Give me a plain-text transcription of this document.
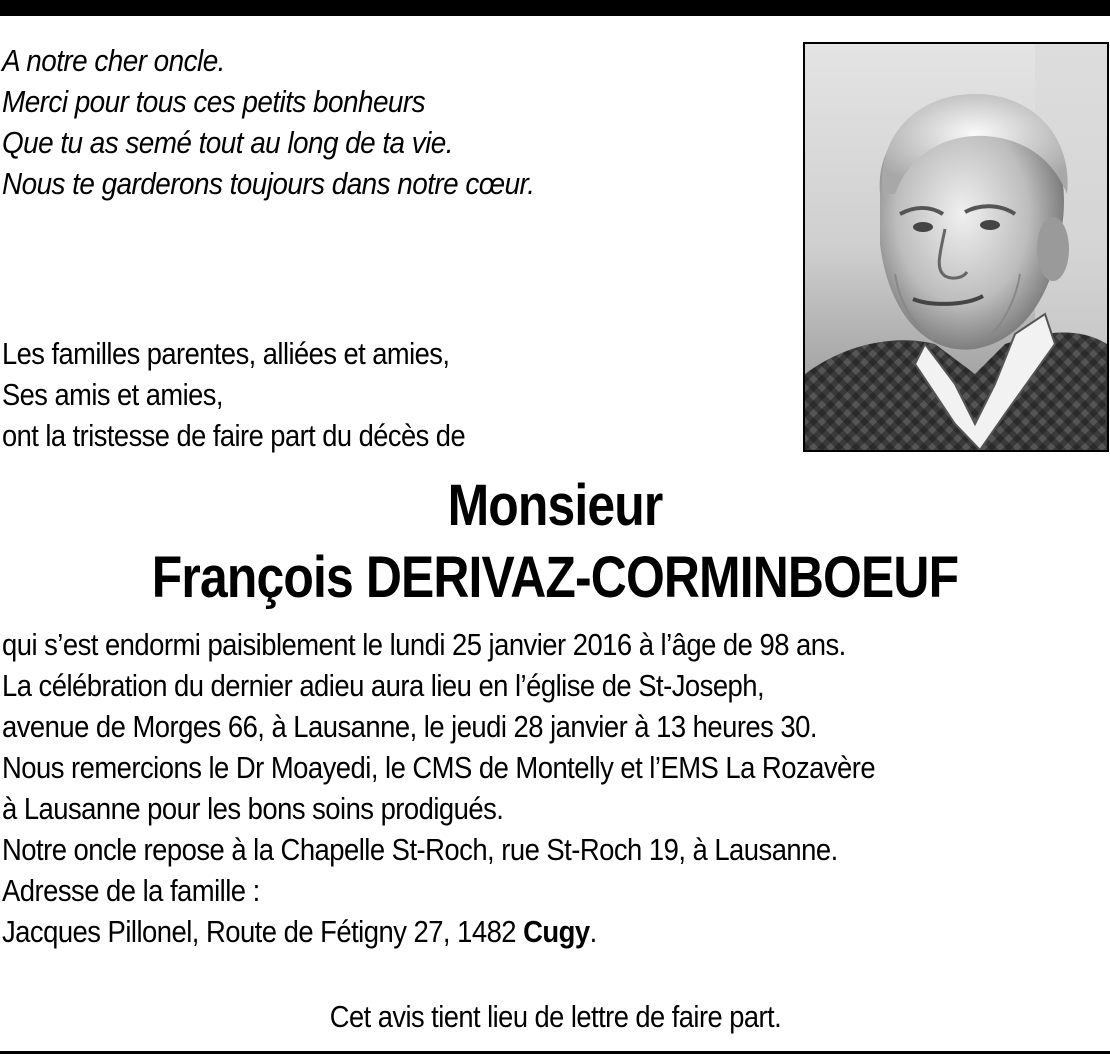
A notre cher oncle.
Merci pour tous ces petits bonheurs
Que tu as semé tout au long de ta vie.
Nous te garderons toujours dans notre cœur.
Les familles parentes, alliées et amies,
Ses amis et amies,
ont la tristesse de faire part du décès de
Monsieur
François DERIVAZ-CORMINBOEUF
qui s’est endormi paisiblement le lundi 25 janvier 2016 à l’âge de 98 ans.
La célébration du dernier adieu aura lieu en l’église de St-Joseph,
avenue de Morges 66, à Lausanne, le jeudi 28 janvier à 13 heures 30.
Nous remercions le Dr Moayedi, le CMS de Montelly et l’EMS La Rozavère
à Lausanne pour les bons soins prodigués.
Notre oncle repose à la Chapelle St-Roch, rue St-Roch 19, à Lausanne.
Adresse de la famille :
Jacques Pillonel, Route de Fétigny 27, 1482 Cugy.
Cet avis tient lieu de lettre de faire part.
